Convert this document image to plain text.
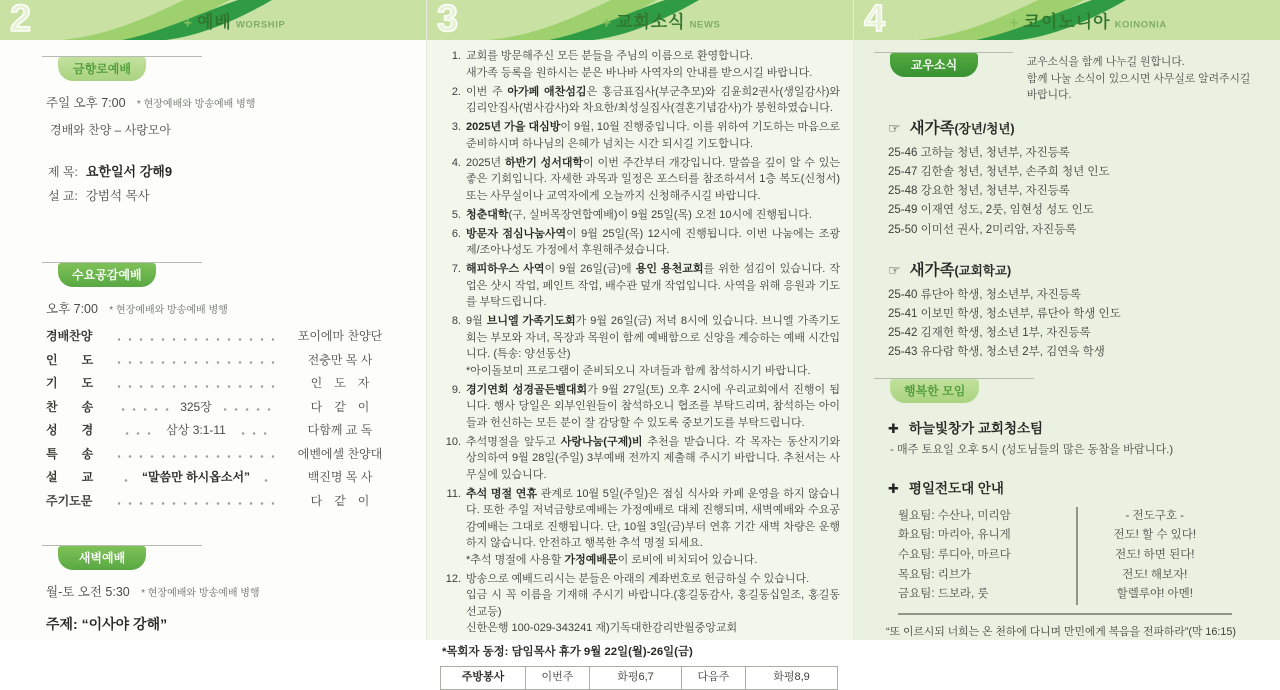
2	+ 예배 WORSHIP
금향로예배
주일 오후 7:00 * 현장예배와 방송예배 병행
경배와 찬양 – 사랑모아
제 목: 요한일서 강해9
설 교: 강범석 목사
수요공감예배
오후 7:00 * 현장예배와 방송예배 병행
경배찬양	포이에마 찬양단
인　　도	전충만 목 사
기　　도	인　도　자
찬　　송	325장	다　같　이
성　　경	삼상 3:1-11	다함께 교 독
특　　송	에벤에셀 찬양대
설　　교	“말씀만 하시옵소서”	백진명 목 사
주기도문	다　같　이
새벽예배
월-토 오전 5:30 * 현장예배와 방송예배 병행
주제: “이사야 강해”
3	+ 교회소식 NEWS
1. 교회를 방문해주신 모든 분들을 주님의 이름으로 환영합니다.
새가족 등록을 원하시는 분은 바나바 사역자의 안내를 받으시길 바랍니다.
2. 이번 주 아가페 애찬섬김은 홍금표집사(부군추모)와 김윤희2권사(생일감사)와 김리안집사(범사감사)와 차요한/최성실집사(결혼기념감사)가 봉헌하였습니다.
3. 2025년 가을 대심방이 9월, 10월 진행중입니다. 이를 위하여 기도하는 마음으로 준비하시며 하나님의 은혜가 넘치는 시간 되시길 기도합니다.
4. 2025년 하반기 성서대학이 이번 주간부터 개강입니다. 말씀을 깊이 알 수 있는 좋은 기회입니다. 자세한 과목과 일정은 포스터를 참조하셔서 1층 복도(신청서) 또는 사무실이나 교역자에게 오늘까지 신청해주시길 바랍니다.
5. 청춘대학(구, 실버목장연합예배)이 9월 25일(목) 오전 10시에 진행됩니다.
6. 방문자 점심나눔사역이 9월 25일(목) 12시에 진행됩니다. 이번 나눔에는 조광제/조아나성도 가정에서 후원해주셨습니다.
7. 해피하우스 사역이 9월 26일(금)에 용인 용천교회를 위한 섬김이 있습니다. 작업은 샷시 작업, 페인트 작업, 배수관 덮개 작업입니다. 사역을 위해 응원과 기도를 부탁드립니다.
8. 9월 브니엘 가족기도회가 9월 26일(금) 저녁 8시에 있습니다. 브니엘 가족기도회는 부모와 자녀, 목장과 목원이 함께 예배함으로 신앙을 계승하는 예배 시간입니다. (특송: 양선동산)
*아이돌보미 프로그램이 준비되오니 자녀들과 함께 참석하시기 바랍니다.
9. 경기연회 성경골든벨대회가 9월 27일(토) 오후 2시에 우리교회에서 진행이 됩니다. 행사 당일은 외부인원들이 참석하오니 협조를 부탁드리며, 참석하는 아이들과 헌신하는 모든 분이 잘 감당할 수 있도록 중보기도를 부탁드립니다.
10. 추석명절을 앞두고 사랑나눔(구제)비 추천을 받습니다. 각 목자는 동산지기와 상의하여 9월 28일(주일) 3부예배 전까지 제출해 주시기 바랍니다. 추천서는 사무실에 있습니다.
11. 추석 명절 연휴 관계로 10월 5일(주일)은 점심 식사와 카페 운영을 하지 않습니다. 또한 주일 저녁금향로예배는 가정예배로 대체 진행되며, 새벽예배와 수요공감예배는 그대로 진행됩니다. 단, 10월 3일(금)부터 연휴 기간 새벽 차량은 운행하지 않습니다. 안전하고 행복한 추석 명절 되세요.
*추석 명절에 사용할 가정예배문이 로비에 비치되어 있습니다.
12. 방송으로 예배드리시는 분들은 아래의 계좌번호로 헌금하실 수 있습니다.
입금 시 꼭 이름을 기재해 주시기 바랍니다.(홍길동감사, 홍길동십일조, 홍길동선교등)
신한은행 100-029-343241 재)기독대한감리반월중앙교회
*목회자 동정: 담임목사 휴가 9월 22일(월)-26일(금)
주방봉사	이번주	화평6,7	다음주	화평8,9
4	+ 코이노니아 KOINONIA
교우소식	교우소식을 함께 나누길 원합니다.
함께 나눌 소식이 있으시면 사무실로 알려주시길 바랍니다.
☞ 새가족(장년/청년)
25-46 고하늘 청년, 청년부, 자진등록
25-47 김한솔 청년, 청년부, 손주희 청년 인도
25-48 강요한 청년, 청년부, 자진등록
25-49 이재연 성도, 2룻, 임현성 성도 인도
25-50 이미선 권사, 2미리암, 자진등록
☞ 새가족(교회학교)
25-40 류단아 학생, 청소년부, 자진등록
25-41 이보민 학생, 청소년부, 류단아 학생 인도
25-42 김재헌 학생, 청소년 1부, 자진등록
25-43 유다람 학생, 청소년 2부, 김연욱 학생
행복한 모임
✚ 하늘빛창가 교회청소팀
- 매주 토요일 오후 5시 (성도님들의 많은 동참을 바랍니다.)
✚ 평일전도대 안내
월요팀: 수산나, 미리암
화요팀: 마리아, 유니게
수요팀: 루디아, 마르다
목요팀: 리브가
금요팀: 드보라, 룻
- 전도구호 -
전도! 할 수 있다!
전도! 하면 된다!
전도! 해보자!
할렐루야! 아멘!
“또 이르시되 너희는 온 천하에 다니며 만민에게 복음을 전파하라”(막 16:15)
